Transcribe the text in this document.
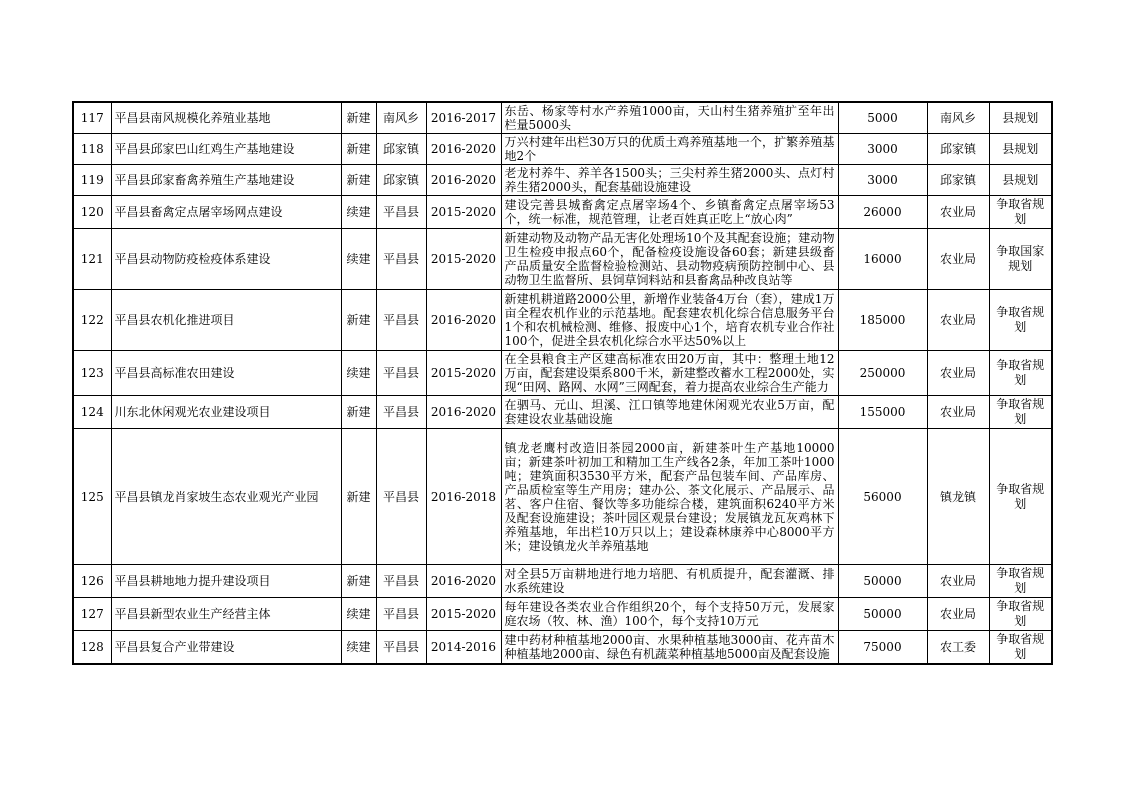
117	平昌县南风规模化养殖业基地	新建	南风乡	2016-2017	东岳、杨家等村水产养殖1000亩，天山村生猪养殖扩至年出栏量5000头	5000	南风乡	县规划
118	平昌县邱家巴山红鸡生产基地建设	新建	邱家镇	2016-2020	万兴村建年出栏30万只的优质土鸡养殖基地一个，扩繁养殖基地2个	3000	邱家镇	县规划
119	平昌县邱家畜禽养殖生产基地建设	新建	邱家镇	2016-2020	老龙村养牛、养羊各1500头；三尖村养生猪2000头、点灯村养生猪2000头，配套基础设施建设	3000	邱家镇	县规划
120	平昌县畜禽定点屠宰场网点建设	续建	平昌县	2015-2020	建设完善县城畜禽定点屠宰场4个、乡镇畜禽定点屠宰场53个，统一标准，规范管理，让老百姓真正吃上“放心肉”	26000	农业局	争取省规划
121	平昌县动物防疫检疫体系建设	续建	平昌县	2015-2020	新建动物及动物产品无害化处理场10个及其配套设施；建动物卫生检疫申报点60个，配备检疫设施设备60套；新建县级畜产品质量安全监督检验检测站、县动物疫病预防控制中心、县动物卫生监督所、县饲草饲料站和县畜禽品种改良站等	16000	农业局	争取国家规划
122	平昌县农机化推进项目	新建	平昌县	2016-2020	新建机耕道路2000公里，新增作业装备4万台（套），建成1万亩全程农机作业的示范基地。配套建农机化综合信息服务平台1个和农机械检测、维修、报废中心1个，培育农机专业合作社100个，促进全县农机化综合水平达50%以上	185000	农业局	争取省规划
123	平昌县高标准农田建设	续建	平昌县	2015-2020	在全县粮食主产区建高标准农田20万亩，其中：整理土地12万亩，配套建设渠系800千米，新建整改蓄水工程2000处，实现“田网、路网、水网”三网配套，着力提高农业综合生产能力	250000	农业局	争取省规划
124	川东北休闲观光农业建设项目	新建	平昌县	2016-2020	在驷马、元山、坦溪、江口镇等地建休闲观光农业5万亩，配套建设农业基础设施	155000	农业局	争取省规划
125	平昌县镇龙肖家坡生态农业观光产业园	新建	平昌县	2016-2018	镇龙老鹰村改造旧茶园2000亩，新建茶叶生产基地10000亩；新建茶叶初加工和精加工生产线各2条，年加工茶叶1000吨；建筑面积3530平方米，配套产品包装车间、产品库房、产品质检室等生产用房；建办公、茶文化展示、产品展示、品茗、客户住宿、餐饮等多功能综合楼，建筑面积6240平方米及配套设施建设；茶叶园区观景台建设；发展镇龙瓦灰鸡林下养殖基地，年出栏10万只以上；建设森林康养中心8000平方米；建设镇龙火羊养殖基地	56000	镇龙镇	争取省规划
126	平昌县耕地地力提升建设项目	新建	平昌县	2016-2020	对全县5万亩耕地进行地力培肥、有机质提升，配套灌溉、排水系统建设	50000	农业局	争取省规划
127	平昌县新型农业生产经营主体	续建	平昌县	2015-2020	每年建设各类农业合作组织20个，每个支持50万元，发展家庭农场（牧、林、渔）100个，每个支持10万元	50000	农业局	争取省规划
128	平昌县复合产业带建设	续建	平昌县	2014-2016	建中药材种植基地2000亩、水果种植基地3000亩、花卉苗木种植基地2000亩、绿色有机蔬菜种植基地5000亩及配套设施	75000	农工委	争取省规划
